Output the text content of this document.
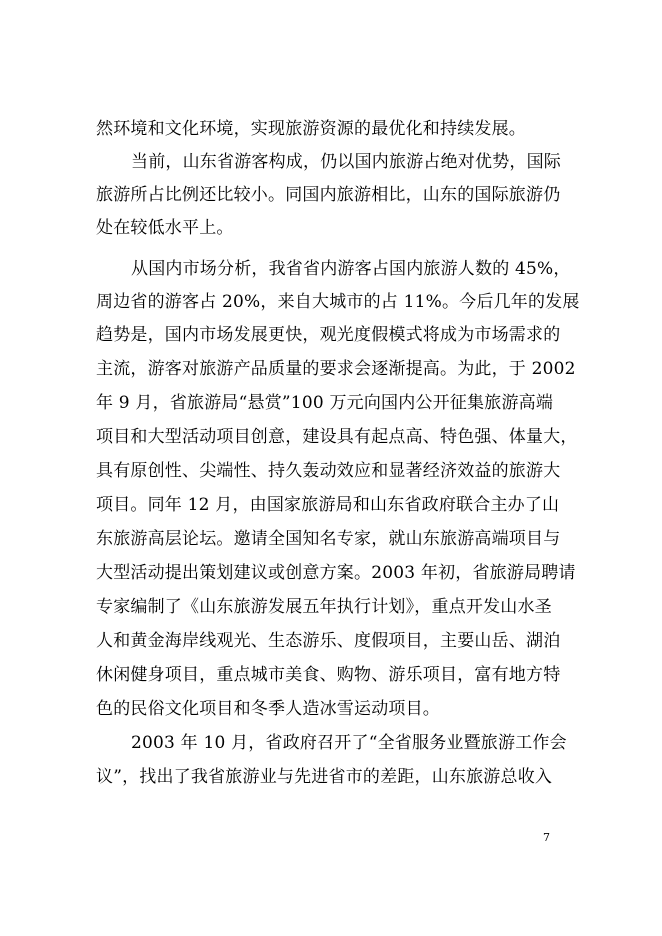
然环境和文化环境，实现旅游资源的最优化和持续发展。
当前，山东省游客构成，仍以国内旅游占绝对优势，国际
旅游所占比例还比较小。同国内旅游相比，山东的国际旅游仍
处在较低水平上。
从国内市场分析，我省省内游客占国内旅游人数的 45%，
周边省的游客占 20%，来自大城市的占 11%。今后几年的发展
趋势是，国内市场发展更快，观光度假模式将成为市场需求的
主流，游客对旅游产品质量的要求会逐渐提高。为此，于 2002
年 9 月，省旅游局“悬赏”100 万元向国内公开征集旅游高端
项目和大型活动项目创意，建设具有起点高、特色强、体量大，
具有原创性、尖端性、持久轰动效应和显著经济效益的旅游大
项目。同年 12 月，由国家旅游局和山东省政府联合主办了山
东旅游高层论坛。邀请全国知名专家，就山东旅游高端项目与
大型活动提出策划建议或创意方案。2003 年初，省旅游局聘请
专家编制了《山东旅游发展五年执行计划》，重点开发山水圣
人和黄金海岸线观光、生态游乐、度假项目，主要山岳、湖泊
休闲健身项目，重点城市美食、购物、游乐项目，富有地方特
色的民俗文化项目和冬季人造冰雪运动项目。
2003 年 10 月，省政府召开了“全省服务业暨旅游工作会
议”，找出了我省旅游业与先进省市的差距，山东旅游总收入
7
